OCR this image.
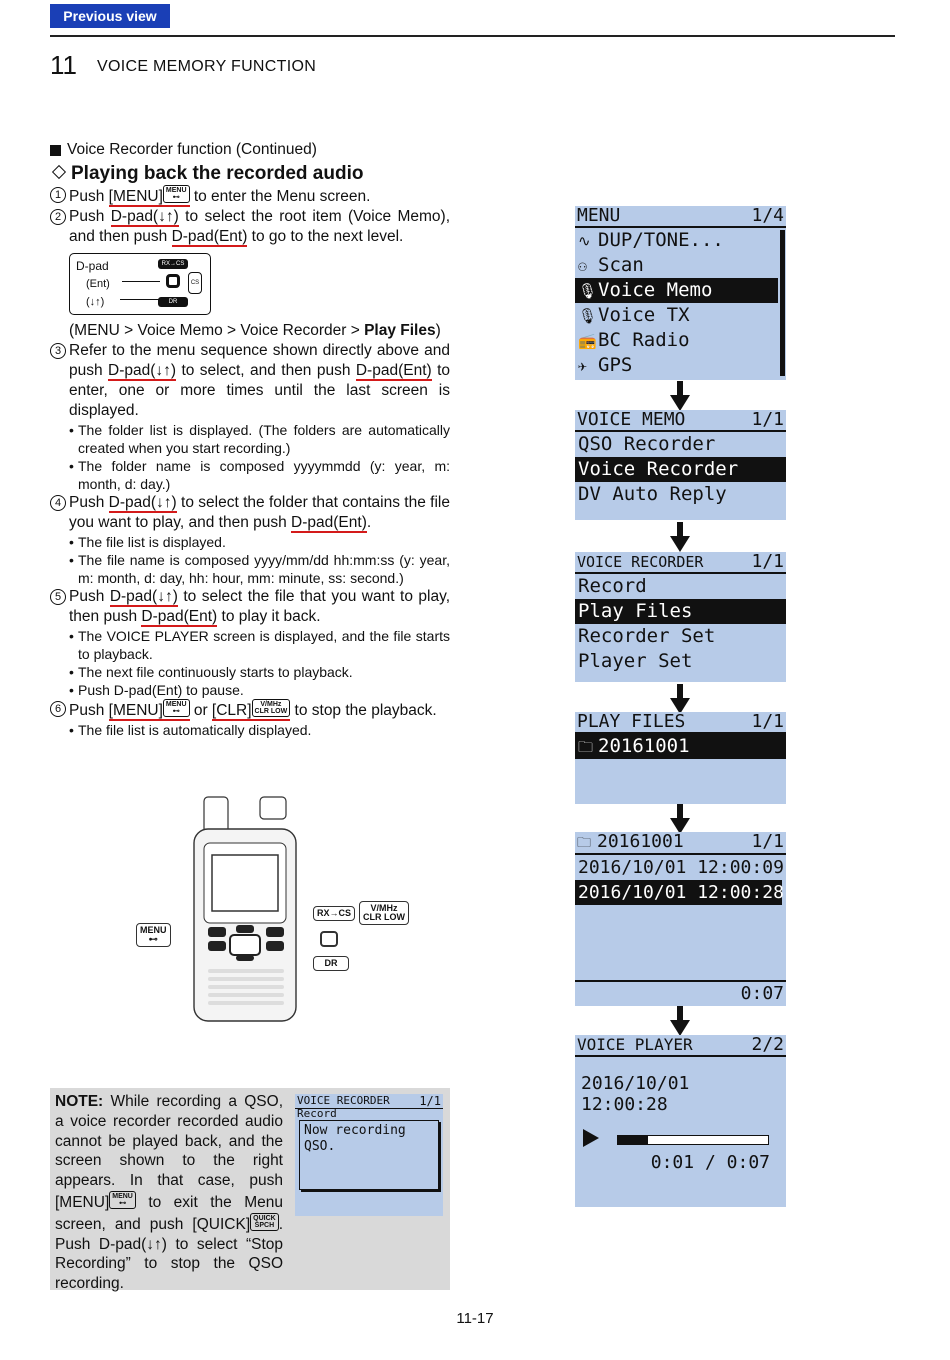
Previous view
11 VOICE MEMORY FUNCTION
Voice Recorder function (Continued)
Playing back the recorded audio
1 Push [MENU] MENU
⊷ to enter the Menu screen.
2 Push D-pad(↓↑) to select the root item (Voice Memo), and then push D-pad(Ent) to go to the next level.
D-pad
(Ent)
(↓↑)
RX→CS
DR
CS
(MENU > Voice Memo > Voice Recorder > Play Files)
3 Refer to the menu sequence shown directly above and push D-pad(↓↑) to select, and then push D-pad(Ent) to enter, one or more times until the last screen is displayed.
• The folder list is displayed. (The folders are automatically created when you start recording.)
• The folder name is composed yyyymmdd (y: year, m: month, d: day.)
4 Push D-pad(↓↑) to select the folder that contains the file you want to play, and then push D-pad(Ent).
• The file list is displayed.
• The file name is composed yyyy/mm/dd hh:mm:ss (y: year, m: month, d: day, hh: hour, mm: minute, ss: second.)
5 Push D-pad(↓↑) to select the file that you want to play, then push D-pad(Ent) to play it back.
• The VOICE PLAYER screen is displayed, and the file starts to playback.
• The next file continuously starts to playback.
• Push D-pad(Ent) to pause.
6 Push [MENU] MENU
⊷ or [CLR] V/MHz
CLR LOW to stop the playback.
• The file list is automatically displayed.
MENU
⊷
RX→CS	V/MHz
CLR LOW
DR
MENU	1/4
∿ DUP/TONE...
⚇ Scan
🎙Voice Memo
🎙Voice TX
📻BC Radio
✈ GPS
VOICE MEMO	1/1
QSO Recorder
Voice Recorder
DV Auto Reply
VOICE RECORDER	1/1
Record
Play Files
Recorder Set
Player Set
PLAY FILES	1/1
🗀 20161001
🗀 20161001	1/1
2016/10/01 12:00:09
2016/10/01 12:00:28
0:07
VOICE PLAYER	2/2
2016/10/01 12:00:28
0:01 / 0:07
NOTE: While recording a QSO, a voice recorder recorded audio cannot be played back, and the screen shown to the right appears. In that case, push [MENU] MENU
⊷ to exit the Menu screen, and push [QUICK] QUICK
SPCH . Push D-pad(↓↑) to select “Stop Recording” to stop the QSO recording.
VOICE RECORDER 1/1
Record
Now recording QSO.
11-17
